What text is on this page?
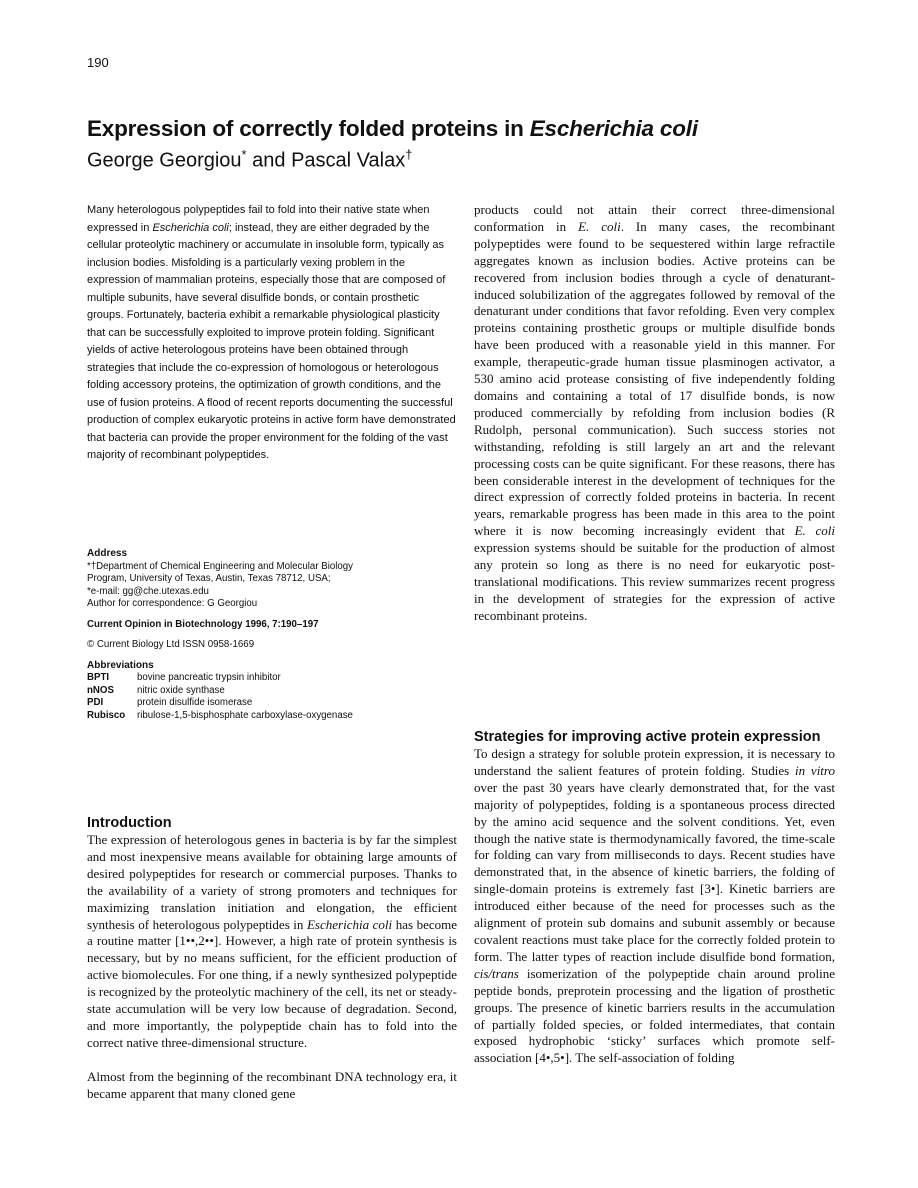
190
Expression of correctly folded proteins in Escherichia coli
George Georgiou* and Pascal Valax†

Many heterologous polypeptides fail to fold into their native state when expressed in Escherichia coli; instead, they are either degraded by the cellular proteolytic machinery or accumulate in insoluble form, typically as inclusion bodies. Misfolding is a particularly vexing problem in the expression of mammalian proteins, especially those that are composed of multiple subunits, have several disulfide bonds, or contain prosthetic groups. Fortunately, bacteria exhibit a remarkable physiological plasticity that can be successfully exploited to improve protein folding. Significant yields of active heterologous proteins have been obtained through strategies that include the co-expression of homologous or heterologous folding accessory proteins, the optimization of growth conditions, and the use of fusion proteins. A flood of recent reports documenting the successful production of complex eukaryotic proteins in active form have demonstrated that bacteria can provide the proper environment for the folding of the vast majority of recombinant polypeptides.

Address

*†Department of Chemical Engineering and Molecular Biology

Program, University of Texas, Austin, Texas 78712, USA;

*e-mail: gg@che.utexas.edu

Author for correspondence: G Georgiou

Current Opinion in Biotechnology 1996, 7:190–197

© Current Biology Ltd ISSN 0958-1669

Abbreviations

BPTI	bovine pancreatic trypsin inhibitor
nNOS	nitric oxide synthase
PDI	protein disulfide isomerase
Rubisco	ribulose-1,5-bisphosphate carboxylase-oxygenase
Introduction

The expression of heterologous genes in bacteria is by far the simplest and most inexpensive means available for obtaining large amounts of desired polypeptides for research or commercial purposes. Thanks to the availability of a variety of strong promoters and techniques for maximizing translation initiation and elongation, the efficient synthesis of heterologous polypeptides in Escherichia coli has become a routine matter [1••,2••]. However, a high rate of protein synthesis is necessary, but by no means sufficient, for the efficient production of active biomolecules. For one thing, if a newly synthesized polypeptide is recognized by the proteolytic machinery of the cell, its net or steady-state accumulation will be very low because of degradation. Second, and more importantly, the polypeptide chain has to fold into the correct native three-dimensional structure.

Almost from the beginning of the recombinant DNA technology era, it became apparent that many cloned gene

products could not attain their correct three-dimensional conformation in E. coli. In many cases, the recombinant polypeptides were found to be sequestered within large refractile aggregates known as inclusion bodies. Active proteins can be recovered from inclusion bodies through a cycle of denaturant-induced solubilization of the aggregates followed by removal of the denaturant under conditions that favor refolding. Even very complex proteins containing prosthetic groups or multiple disulfide bonds have been produced with a reasonable yield in this manner. For example, therapeutic-grade human tissue plasminogen activator, a 530 amino acid protease consisting of five independently folding domains and containing a total of 17 disulfide bonds, is now produced commercially by refolding from inclusion bodies (R Rudolph, personal communication). Such success stories not withstanding, refolding is still largely an art and the relevant processing costs can be quite significant. For these reasons, there has been considerable interest in the development of techniques for the direct expression of correctly folded proteins in bacteria. In recent years, remarkable progress has been made in this area to the point where it is now becoming increasingly evident that E. coli expression systems should be suitable for the production of almost any protein so long as there is no need for eukaryotic post-translational modifications. This review summarizes recent progress in the development of strategies for the expression of active recombinant proteins.

Strategies for improving active protein expression

To design a strategy for soluble protein expression, it is necessary to understand the salient features of protein folding. Studies in vitro over the past 30 years have clearly demonstrated that, for the vast majority of polypeptides, folding is a spontaneous process directed by the amino acid sequence and the solvent conditions. Yet, even though the native state is thermodynamically favored, the time-scale for folding can vary from milliseconds to days. Recent studies have demonstrated that, in the absence of kinetic barriers, the folding of single-domain proteins is extremely fast [3•]. Kinetic barriers are introduced either because of the need for processes such as the alignment of protein sub domains and subunit assembly or because covalent reactions must take place for the correctly folded protein to form. The latter types of reaction include disulfide bond formation, cis/trans isomerization of the polypeptide chain around proline peptide bonds, preprotein processing and the ligation of prosthetic groups. The presence of kinetic barriers results in the accumulation of partially folded species, or folded intermediates, that contain exposed hydrophobic ‘sticky’ surfaces which promote self-association [4•,5•]. The self-association of folding
